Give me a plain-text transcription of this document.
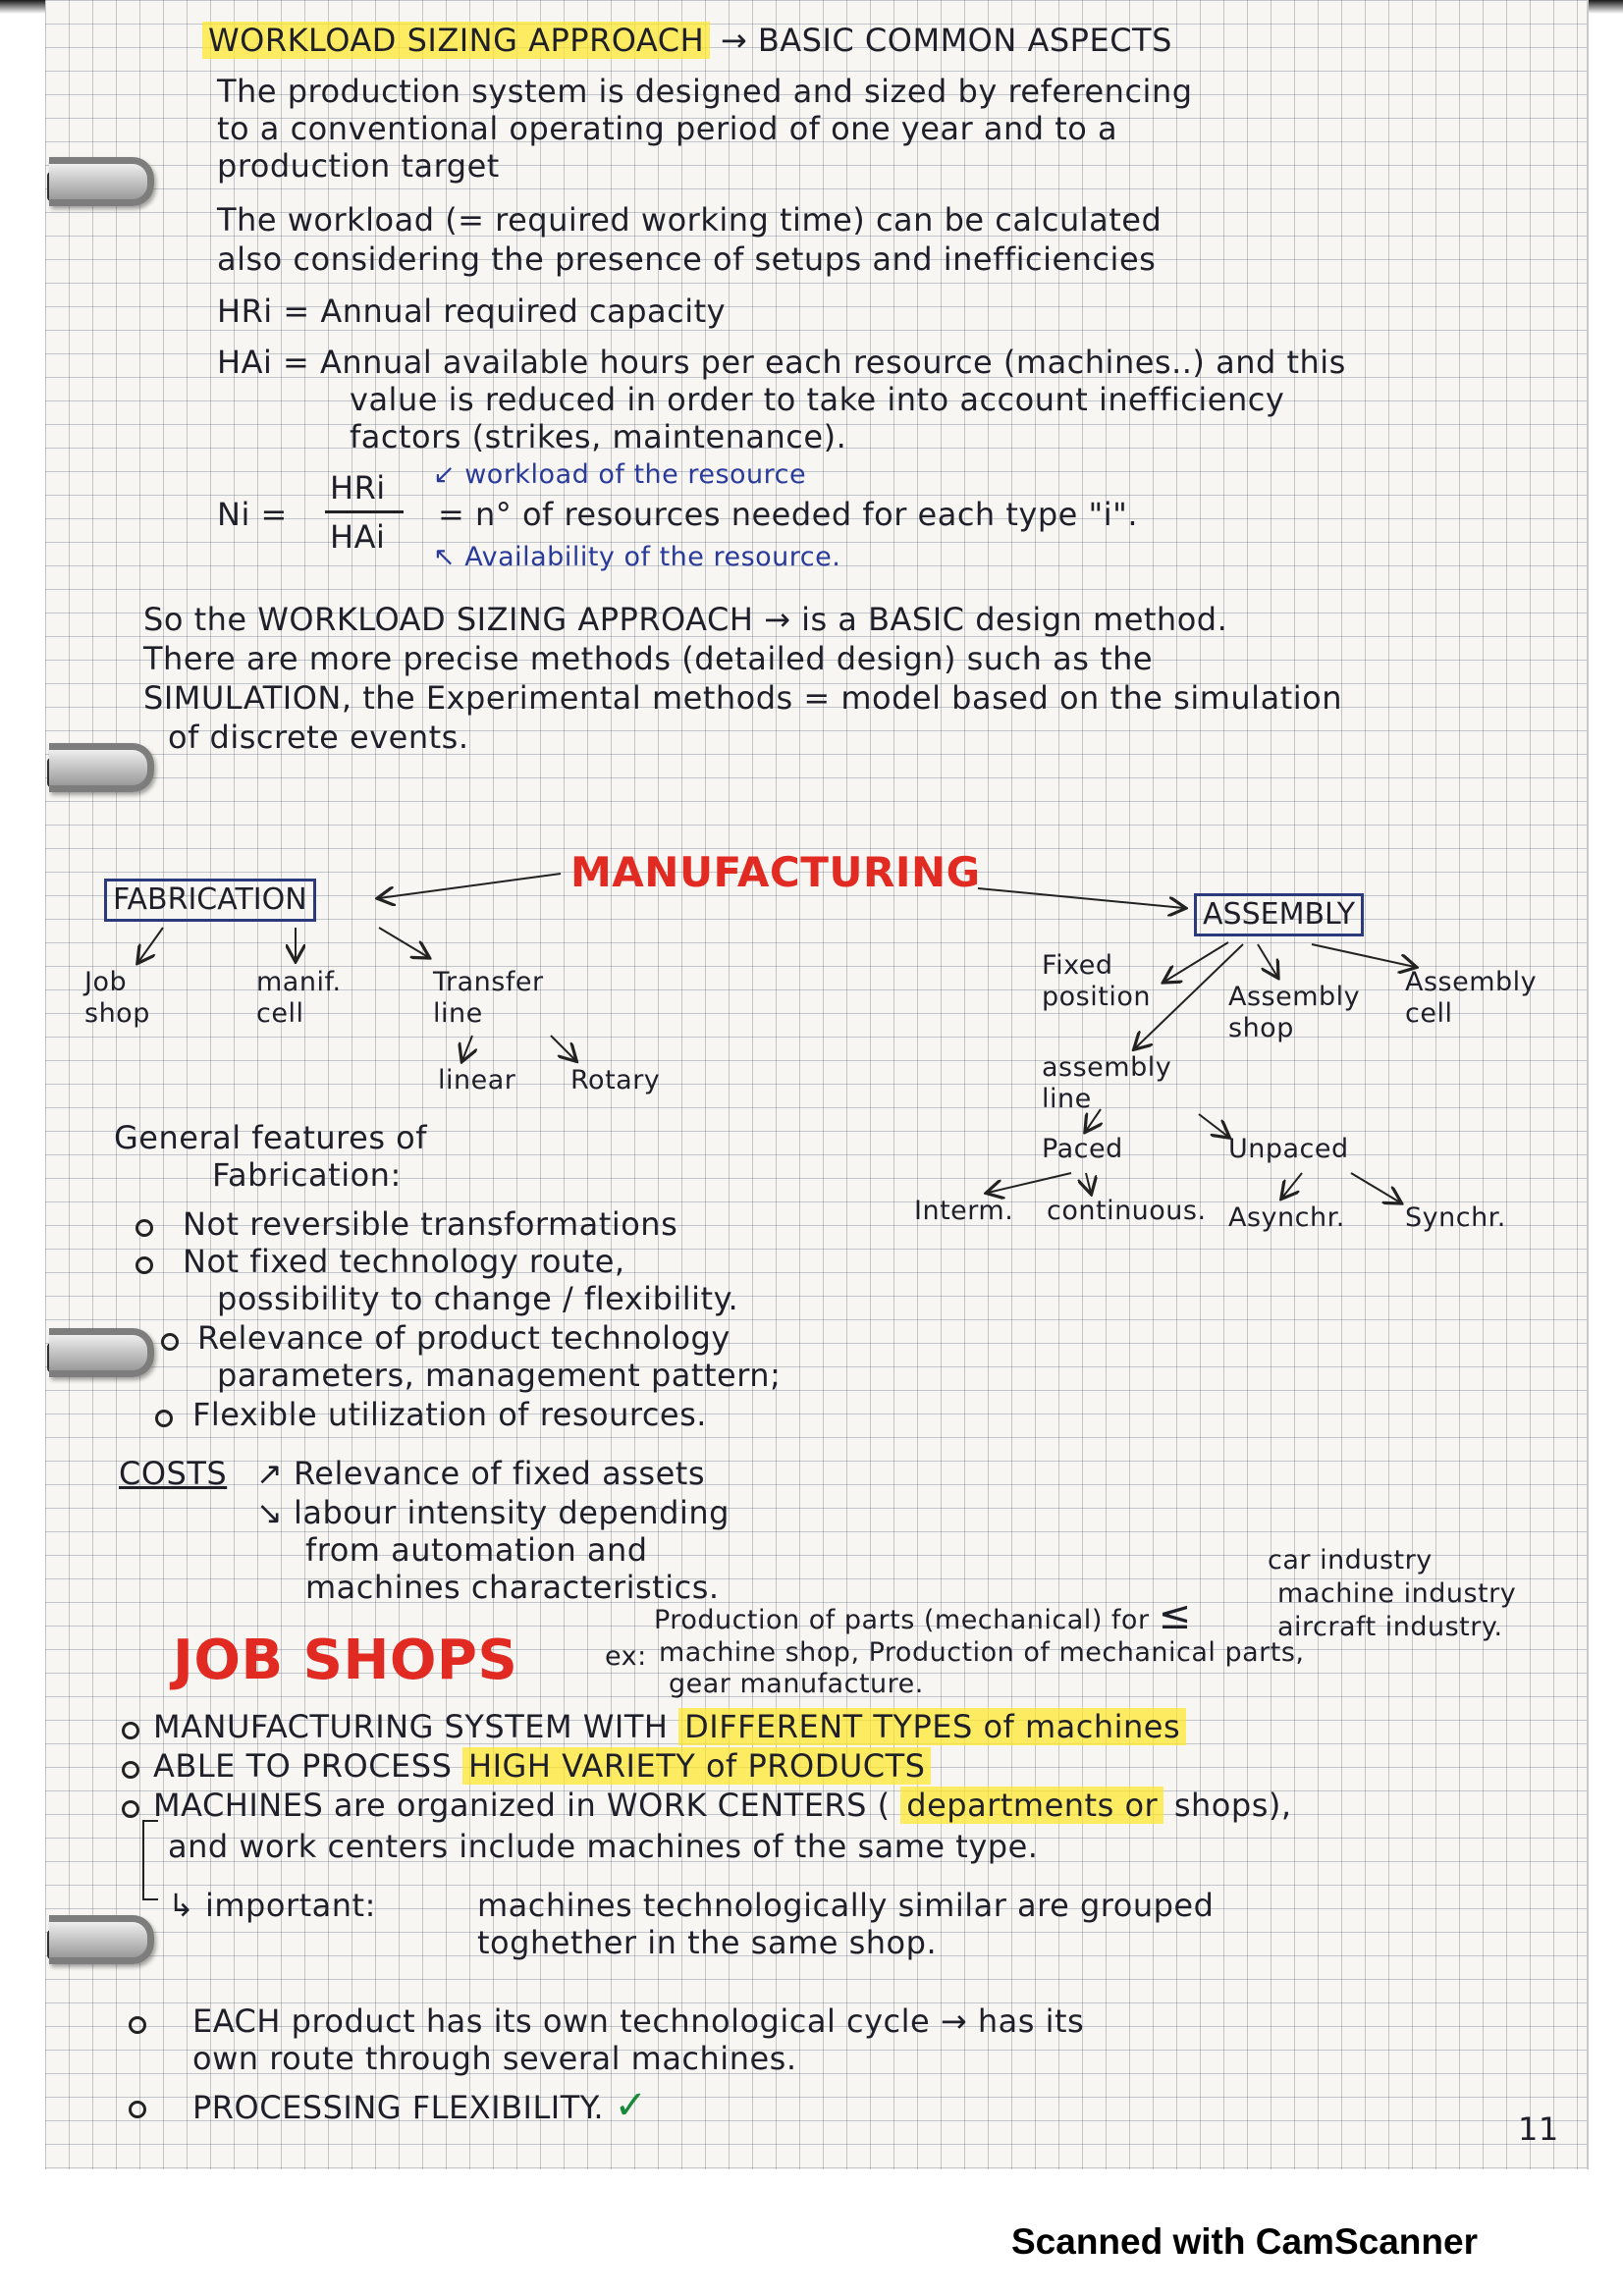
WORKLOAD SIZING APPROACH → BASIC COMMON ASPECTS
The production system is designed and sized by referencing
to a conventional operating period of one year and to a
production target
The workload (= required working time) can be calculated
also considering the presence of setups and inefficiencies
HRi = Annual required capacity
HAi = Annual available hours per each resource (machines..) and this
value is reduced in order to take into account inefficiency
factors (strikes, maintenance).
Ni =
HRi
HAi
↙ workload of the resource
= n° of resources needed for each type "i".
↖ Availability of the resource.
So the WORKLOAD SIZING APPROACH → is a BASIC design method.
There are more precise methods (detailed design) such as the
SIMULATION, the Experimental methods = model based on the simulation
of discrete events.
MANUFACTURING
FABRICATION	ASSEMBLY
Job shop
manif. cell
Transfer line
linear Rotary
Fixed position	Assembly shop
Assembly cell
assembly line
Paced	Unpaced
Interm. continuous. Asynchr. Synchr.
General features of
Fabrication:
Not reversible transformations
Not fixed technology route,
possibility to change / flexibility.
Relevance of product technology
parameters, management pattern;
Flexible utilization of resources.
COSTS ↗ Relevance of fixed assets
↘ labour intensity depending
from automation and
machines characteristics.
car industry
machine industry
aircraft industry.
Production of parts (mechanical) for ≤
JOB SHOPS	ex: machine shop, Production of mechanical parts,
gear manufacture.
MANUFACTURING SYSTEM WITH DIFFERENT TYPES of machines
ABLE TO PROCESS HIGH VARIETY of PRODUCTS
MACHINES are organized in WORK CENTERS ( departments or shops),
and work centers include machines of the same type.
↳ important:	machines technologically similar are grouped
toghether in the same shop.
EACH product has its own technological cycle → has its
own route through several machines.
PROCESSING FLEXIBILITY. ✓
11
Scanned with CamScanner
